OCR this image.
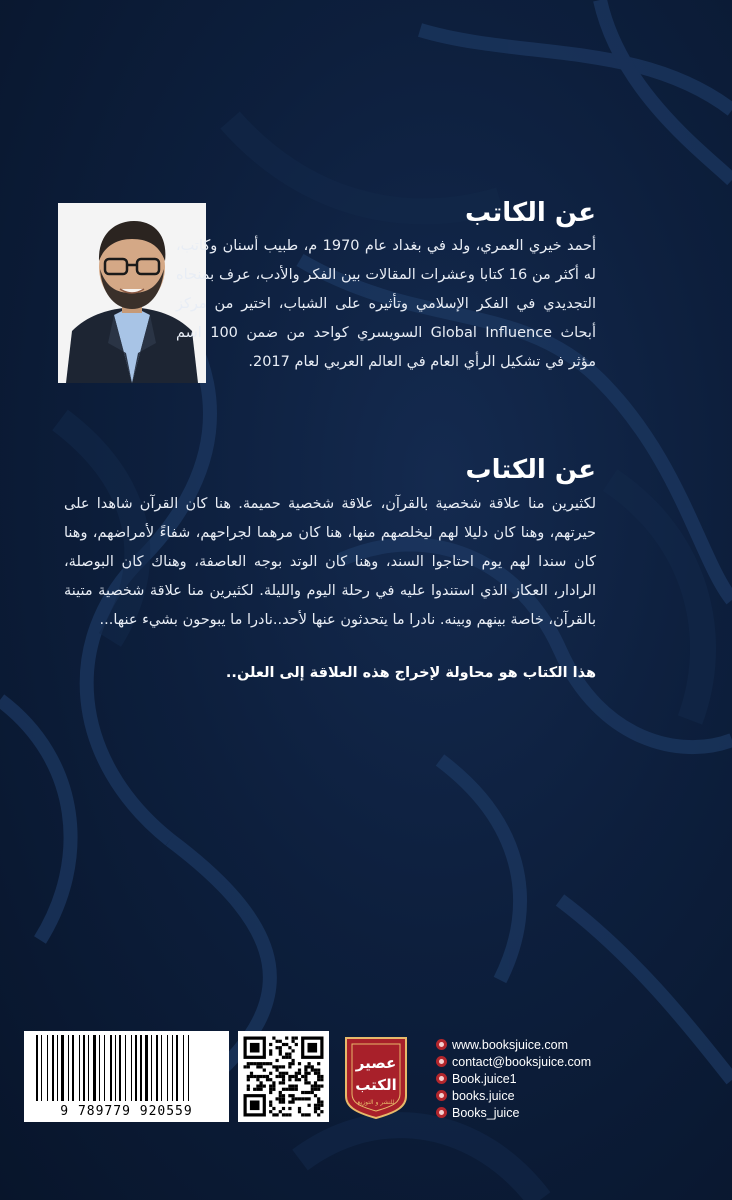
عن الكاتب

أحمد خيري العمري، ولد في بغداد عام 1970 م، طبيب أسنان وكاتب، له أكثر من 16 كتابا وعشرات المقالات بين الفكر والأدب، عرف بمنحاه التجديدي في الفكر الإسلامي وتأثيره على الشباب، اختير من مركز أبحاث Global Influence السويسري كواحد من ضمن 100 اسم مؤثر في تشكيل الرأي العام في العالم العربي لعام 2017.

عن الكتاب

لكثيرين منا علاقة شخصية بالقرآن، علاقة شخصية حميمة. هنا كان القرآن شاهدا على حيرتهم، وهنا كان دليلا لهم ليخلصهم منها، هنا كان مرهما لجراحهم، شفاءً لأمراضهم، وهنا كان سندا لهم يوم احتاجوا السند، وهنا كان الوتد بوجه العاصفة، وهناك كان البوصلة، الرادار، العكاز الذي استندوا عليه في رحلة اليوم والليلة. لكثيرين منا علاقة شخصية متينة بالقرآن، خاصة بينهم وبينه. نادرا ما يتحدثون عنها لأحد..نادرا ما يبوحون بشيء عنها...

هذا الكتاب هو محاولة لإخراج هذه العلاقة إلى العلن..

9 789779 920559
عصير
الكتب
للنشر و التوزيع
www.booksjuice.com
contact@booksjuice.com
Book.juice1
books.juice
Books_juice
